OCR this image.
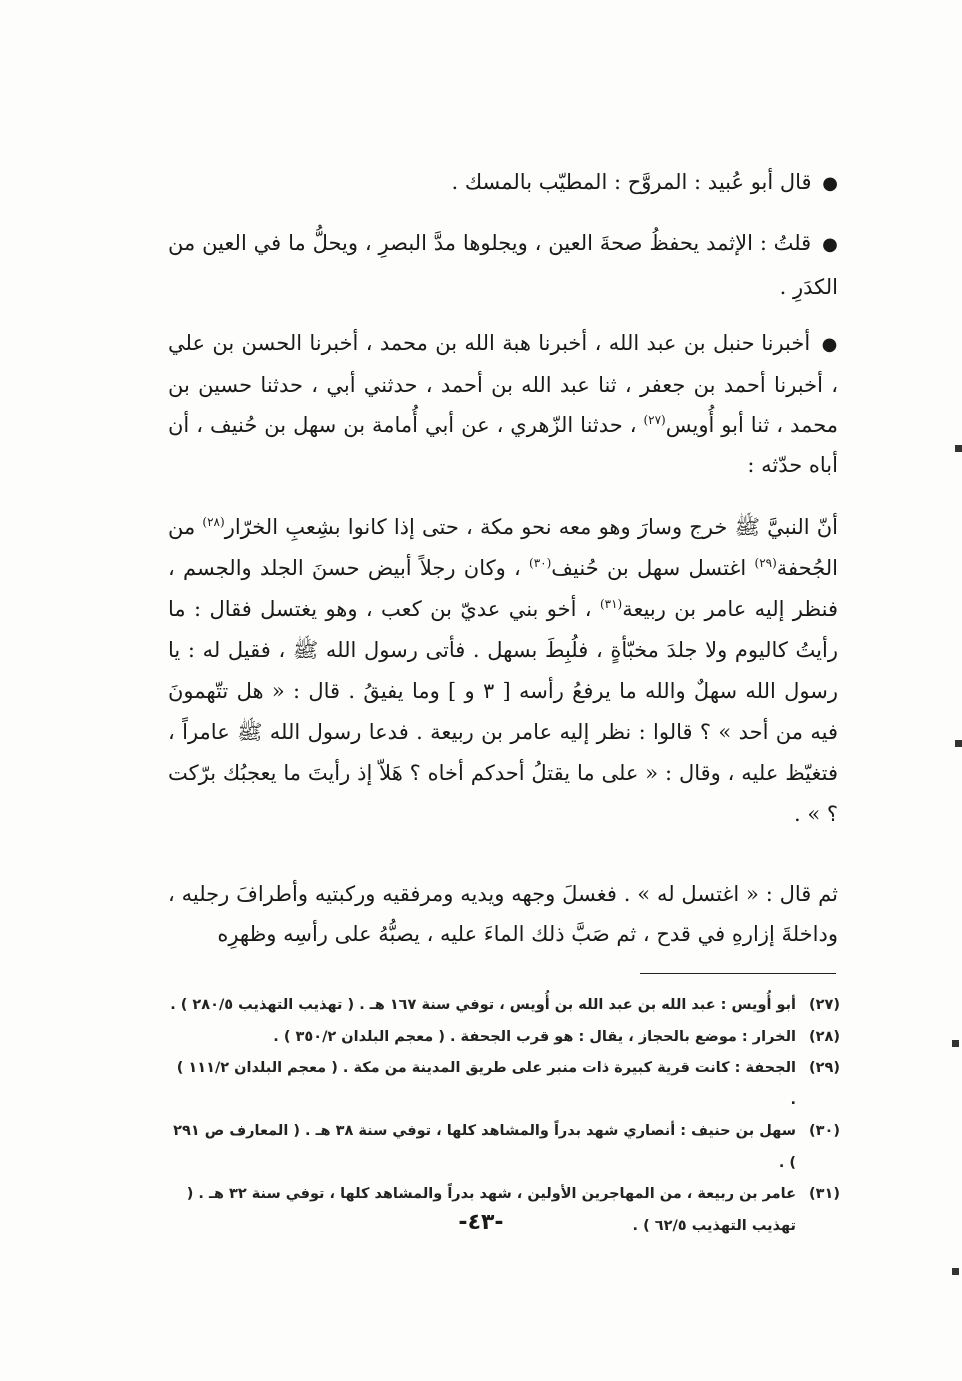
● قال أبو عُبيد : المروَّح : المطيّب بالمسك .

● قلتُ : الإثمد يحفظُ صحةَ العين ، ويجلوها مدَّ البصرِ ، ويحلُّ ما في العين من الكدَرِ .

● أخبرنا حنبل بن عبد الله ، أخبرنا هبة الله بن محمد ، أخبرنا الحسن بن علي ، أخبرنا أحمد بن جعفر ، ثنا عبد الله بن أحمد ، حدثني أبي ، حدثنا حسين بن محمد ، ثنا أبو أُويس$^{(٢٧)}$ ، حدثنا الزّهري ، عن أبي أُمامة بن سهل بن حُنيف ، أن أباه حدّثه :

أنّ النبيَّ ﷺ خرج وسارَ وهو معه نحو مكة ، حتى إذا كانوا بشِعبِ الخرّار$^{(٢٨)}$ من الجُحفة$^{(٢٩)}$ اغتسل سهل بن حُنيف$^{(٣٠)}$ ، وكان رجلاً أبيض حسنَ الجلد والجسم ، فنظر إليه عامر بن ربيعة$^{(٣١)}$ ، أخو بني عديّ بن كعب ، وهو يغتسل فقال : ما رأيتُ كاليوم ولا جلدَ مخبّأةٍ ، فلُبِطَ بسهل . فأتى رسول الله ﷺ ، فقيل له : يا رسول الله سهلٌ والله ما يرفعُ رأسه [ ٣ و ] وما يفيقُ . قال : « هل تتّهمونَ فيه من أحد » ؟ قالوا : نظر إليه عامر بن ربيعة . فدعا رسول الله ﷺ عامراً ، فتغيّظ عليه ، وقال : « على ما يقتلُ أحدكم أخاه ؟ هَلاّ إذ رأيتَ ما يعجبُك برّكت ؟ » .

ثم قال : « اغتسل له » . فغسلَ وجهه ويديه ومرفقيه وركبتيه وأطرافَ رجليه ، وداخلةَ إزارهِ في قدح ، ثم صَبَّ ذلك الماءَ عليه ، يصبُّهُ على رأسِه وظهرِه

(٢٧)
أبو أُويس : عبد الله بن عبد الله بن أُويس ، توفي سنة ١٦٧ هـ . ( تهذيب التهذيب ٢٨٠/٥ ) .
(٢٨)
الخرار : موضع بالحجاز ، يقال : هو قرب الجحفة . ( معجم البلدان ٣٥٠/٢ ) .
(٢٩)
الجحفة : كانت قرية كبيرة ذات منبر على طريق المدينة من مكة . ( معجم البلدان ١١١/٢ ) .
(٣٠)
سهل بن حنيف : أنصاري شهد بدراً والمشاهد كلها ، توفي سنة ٣٨ هـ . ( المعارف ص ٢٩١ ) .
(٣١)
عامر بن ربيعة ، من المهاجرين الأولين ، شهد بدراً والمشاهد كلها ، توفي سنة ٣٢ هـ . ( تهذيب التهذيب ٦٢/٥ ) .
-٤٣-
